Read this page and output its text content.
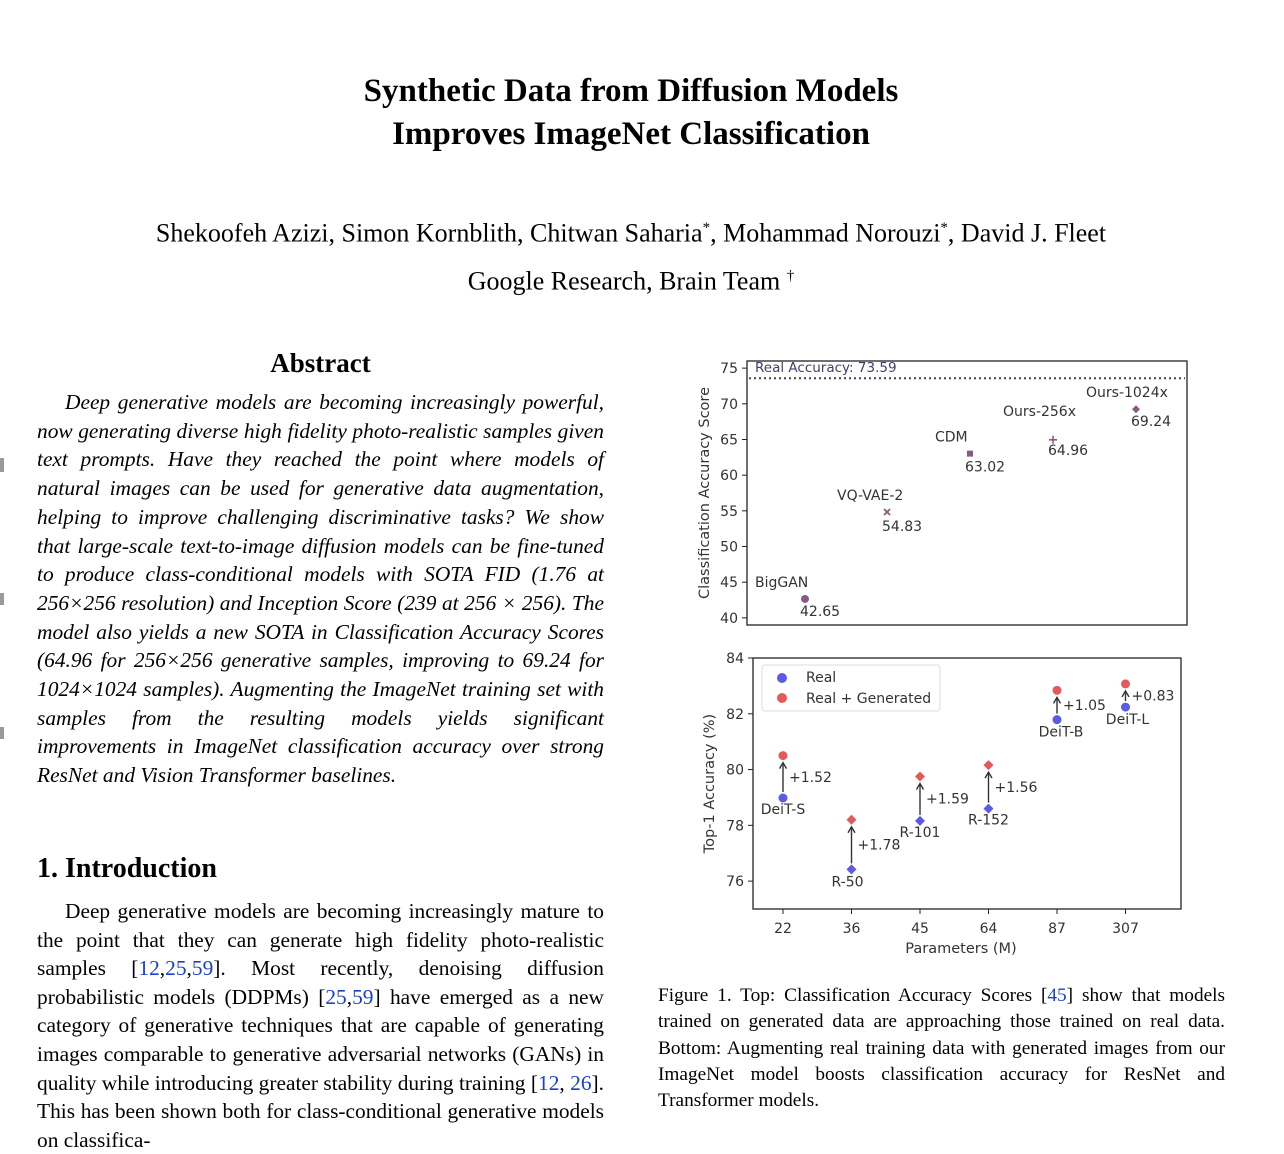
Synthetic Data from Diffusion Models
Improves ImageNet Classification
Shekoofeh Azizi, Simon Kornblith, Chitwan Saharia*, Mohammad Norouzi*, David J. Fleet
Google Research, Brain Team †
Abstract
Deep generative models are becoming increasingly powerful, now generating diverse high fidelity photo-realistic samples given text prompts. Have they reached the point where models of natural images can be used for generative data augmentation, helping to improve challenging discriminative tasks? We show that large-scale text-to-image diffusion models can be fine-tuned to produce class-conditional models with SOTA FID (1.76 at 256×256 resolution) and Inception Score (239 at 256 × 256). The model also yields a new SOTA in Classification Accuracy Scores (64.96 for 256×256 generative samples, improving to 69.24 for 1024×1024 samples). Augmenting the ImageNet training set with samples from the resulting models yields significant improvements in ImageNet classification accuracy over strong ResNet and Vision Transformer baselines.
1. Introduction
Deep generative models are becoming increasingly mature to the point that they can generate high fidelity photo-realistic samples [12,25,59]. Most recently, denoising diffusion probabilistic models (DDPMs) [25,59] have emerged as a new category of generative techniques that are capable of generating images comparable to generative adversarial networks (GANs) in quality while introducing greater stability during training [12, 26]. This has been shown both for class-conditional generative models on classifica-
40
45
50
55
60
65
70
75
Classification Accuracy Score
Real Accuracy: 73.59
BigGAN
42.65
VQ-VAE-2
54.83
CDM
63.02
Ours-256x
64.96
Ours-1024x
69.24
76
78
80
82
84
22	36	45	64	87	307
Parameters (M)
Top-1 Accuracy (%)	+1.52
DeiT-S
+1.78
R-50
+1.59
R-101
+1.56
R-152
+1.05
DeiT-B
+0.83
DeiT-L
Real
Real + Generated
Figure 1. Top: Classification Accuracy Scores [45] show that models trained on generated data are approaching those trained on real data. Bottom: Augmenting real training data with generated images from our ImageNet model boosts classification accuracy for ResNet and Transformer models.
